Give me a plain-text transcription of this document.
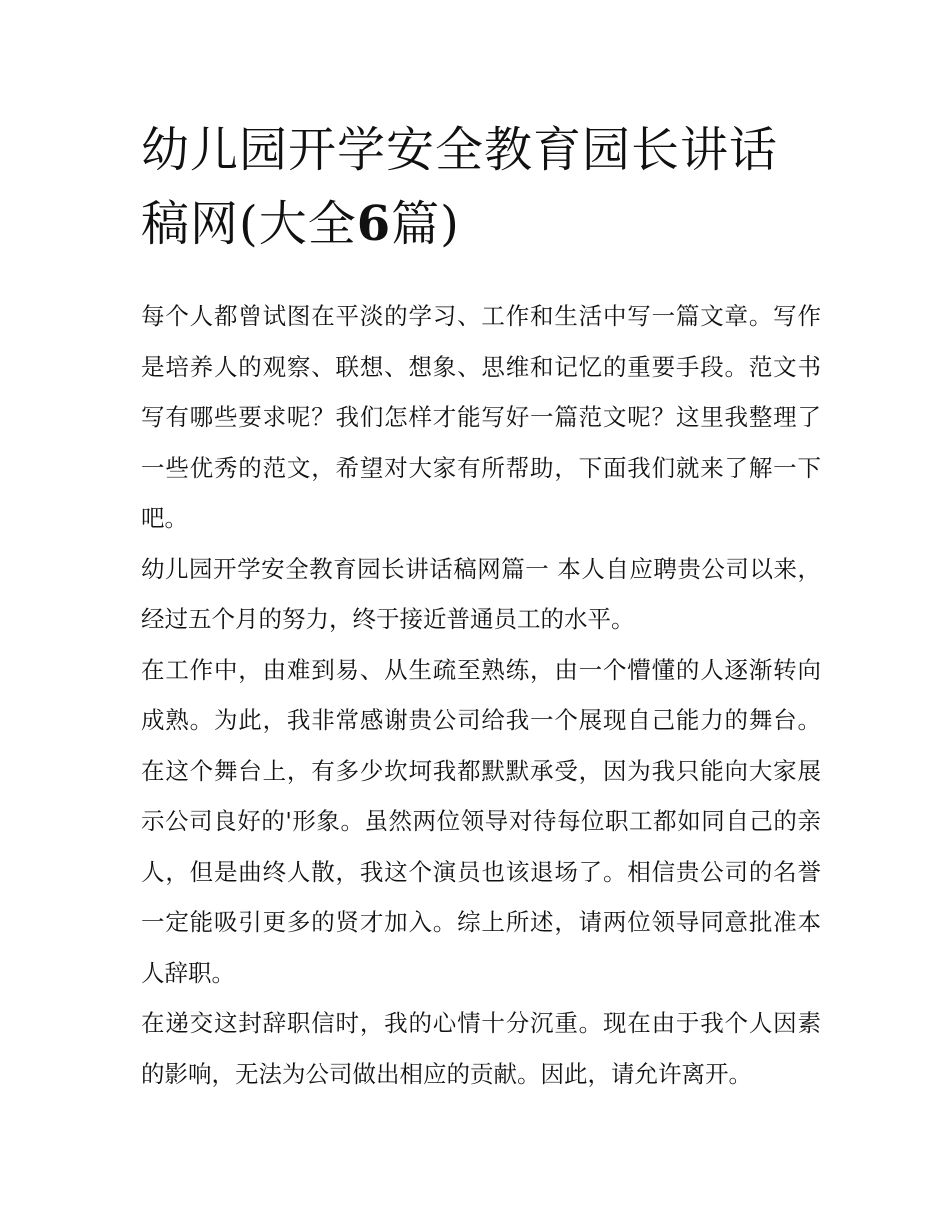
幼儿园开学安全教育园长讲话稿网(大全6篇)

每个人都曾试图在平淡的学习、工作和生活中写一篇文章。写作是培养人的观察、联想、想象、思维和记忆的重要手段。范文书写有哪些要求呢？我们怎样才能写好一篇范文呢？这里我整理了一些优秀的范文，希望对大家有所帮助，下面我们就来了解一下吧。

幼儿园开学安全教育园长讲话稿网篇一 本人自应聘贵公司以来，经过五个月的努力，终于接近普通员工的水平。

在工作中，由难到易、从生疏至熟练，由一个懵懂的人逐渐转向成熟。为此，我非常感谢贵公司给我一个展现自己能力的舞台。在这个舞台上，有多少坎坷我都默默承受，因为我只能向大家展示公司良好的'形象。虽然两位领导对待每位职工都如同自己的亲人，但是曲终人散，我这个演员也该退场了。相信贵公司的名誉一定能吸引更多的贤才加入。综上所述，请两位领导同意批准本人辞职。

在递交这封辞职信时，我的心情十分沉重。现在由于我个人因素的影响，无法为公司做出相应的贡献。因此，请允许离开。
